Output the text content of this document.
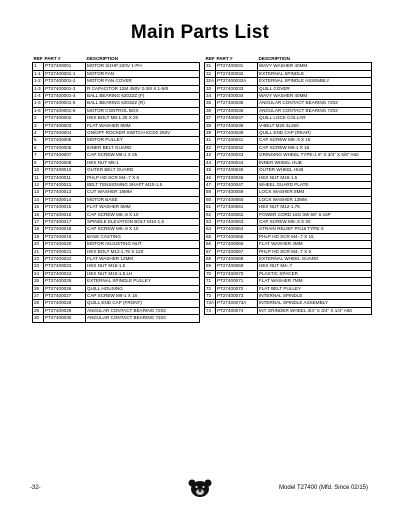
Main Parts List
REF	PART #	DESCRIPTION
1	PT27400001	MOTOR 3/4HP 220V 1-PH
1-1	PT27400001-1	MOTOR FAN
1-2	PT27400001-2	MOTOR FAN COVER
1-3	PT27400001-3	R CAPACITOR 12M 450V 2-3/8 X 1-5/8
1-4	PT27400001-4	BALL BEARING 6202ZZ (F)
1-5	PT27400001-5	BALL BEARING 6203ZZ (R)
1-6	PT27400001-6	MOTOR CONTROL BOX
2	PT27400002	HEX BOLT M8-1.25 X 20
3	PT27400003	FLAT WASHER 8MM
4	PT27400004	ON/OFF ROCKER SWITCH KCD2 250V
5	PT27400005	MOTOR PULLEY
6	PT27400006	INNER BELT GUARD
7	PT27400007	CAP SCREW M6-1 X 25
8	PT27400008	HEX NUT M6-1
10	PT27400010	OUTER BELT GUARD
11	PT27400011	PHLP HD SCR M4-.7 X 6
12	PT27400012	BELT TENSIONING SHAFT M10-1.5
13	PT27400013	CUT WASHER 18MM
14	PT27400014	MOTOR BASE
15	PT27400015	FLAT WASHER 5MM
16	PT27400016	CAP SCREW M5-.8 X 10
17	PT27400017	SPINDLE ELEVATION BOLT M10-1.5
18	PT27400018	CAP SCREW M5-.8 X 10
19	PT27400019	BASE CASTING
20	PT27400020	MOTOR ADJUSTING NUT
21	PT27400021	HEX BOLT M12-1.75 X 120
22	PT27400022	FLAT WASHER 12MM
23	PT27400023	HEX NUT M16-1.5
24	PT27400024	HEX NUT M10-1.5 LH
25	PT27400025	EXTERNAL SPINDLE PULLEY
26	PT27400026	QUILL HOUSING
27	PT27400027	CAP SCREW M6-1 X 16
28	PT27400028	QUILL END CAP (FRONT)
29	PT27400029	ANGULAR CONTACT BEARING 7203
30	PT27400030	ANGULAR CONTACT BEARING 7203
REF	PART #	DESCRIPTION
31	PT27400031	WAVY WASHER 40MM
32	PT27400032	EXTERNAL SPINDLE
32A	PT27400032A	EXTERNAL SPINDLE ASSEMBLY
33	PT27400033	QUILL COVER
34	PT27400034	WAVY WASHER 40MM
35	PT27400035	ANGULAR CONTACT BEARING 7203
36	PT27400036	ANGULAR CONTACT BEARING 7203
37	PT27400037	QUILL LOCK COLLAR
38	PT27400038	V-BELT M26 3L260
39	PT27400039	QUILL END CAP (REAR)
41	PT27400041	CAP SCREW M5-.8 X 16
42	PT27400042	CAP SCREW M6-1 X 16
43	PT27400043	GRINDING WHEEL TYPE-1 6" X 3/4" X 5/8" A60
44	PT27400044	INNER WHEEL HUB
45	PT27400045	OUTER WHEEL HUB
46	PT27400046	HEX NUT M16-1.5
47	PT27400047	WHEEL GUARD PLATE
59	PT27400059	LOCK WASHER 8MM
60	PT27400060	LOCK WASHER 12MM
61	PT27400061	HEX NUT M12-1.75
62	PT27400062	POWER CORD 16G 3W 66" 6-15P
63	PT27400063	CAP SCREW M5-.8 X 20
64	PT27400064	STRAIN RELIEF PG16 TYPE-3
65	PT27400065	PHLP HD SCR M4-.7 X 15
66	PT27400066	FLAT WASHER 4MM
67	PT27400067	PHLP HD SCR M4-.7 X 6
68	PT27400068	EXTERNAL WHEEL GUARD
69	PT27400069	HEX NUT M4-.7
70	PT27400070	PLASTIC SPACER
71	PT27400071	FLAT WASHER 7MM
72	PT27400072	FLAT BELT PULLEY
73	PT27400073	INTERNAL SPINDLE
73A	PT27400073A	INTERNAL SPINDLE ASSEMBLY
74	PT27400074	INT GRINDER WHEEL 3/4" X 3/4" X 1/4" A60
-32-	Model T27400 (Mfd. Since 02/15)
